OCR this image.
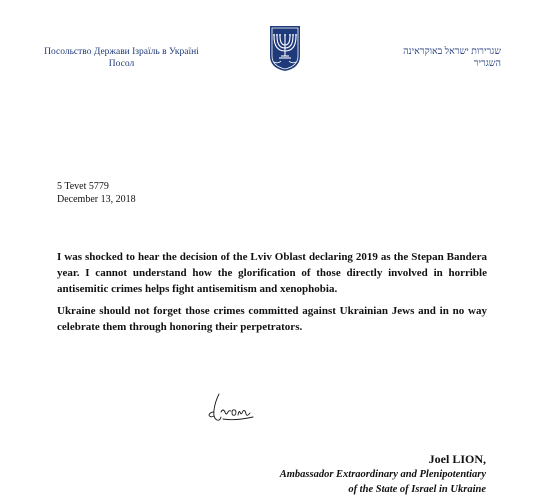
Посольство Держави Ізраїль в Україні
Посол
שגרירות ישראל באוקראינה
השגריר
5 Tevet 5779
December 13, 2018

I was shocked to hear the decision of the Lviv Oblast declaring 2019 as the Stepan Bandera year. I cannot understand how the glorification of those directly involved in horrible antisemitic crimes helps fight antisemitism and xenophobia.

Ukraine should not forget those crimes committed against Ukrainian Jews and in no way celebrate them through honoring their perpetrators.

Joel LION,
Ambassador Extraordinary and Plenipotentiary
of the State of Israel in Ukraine
